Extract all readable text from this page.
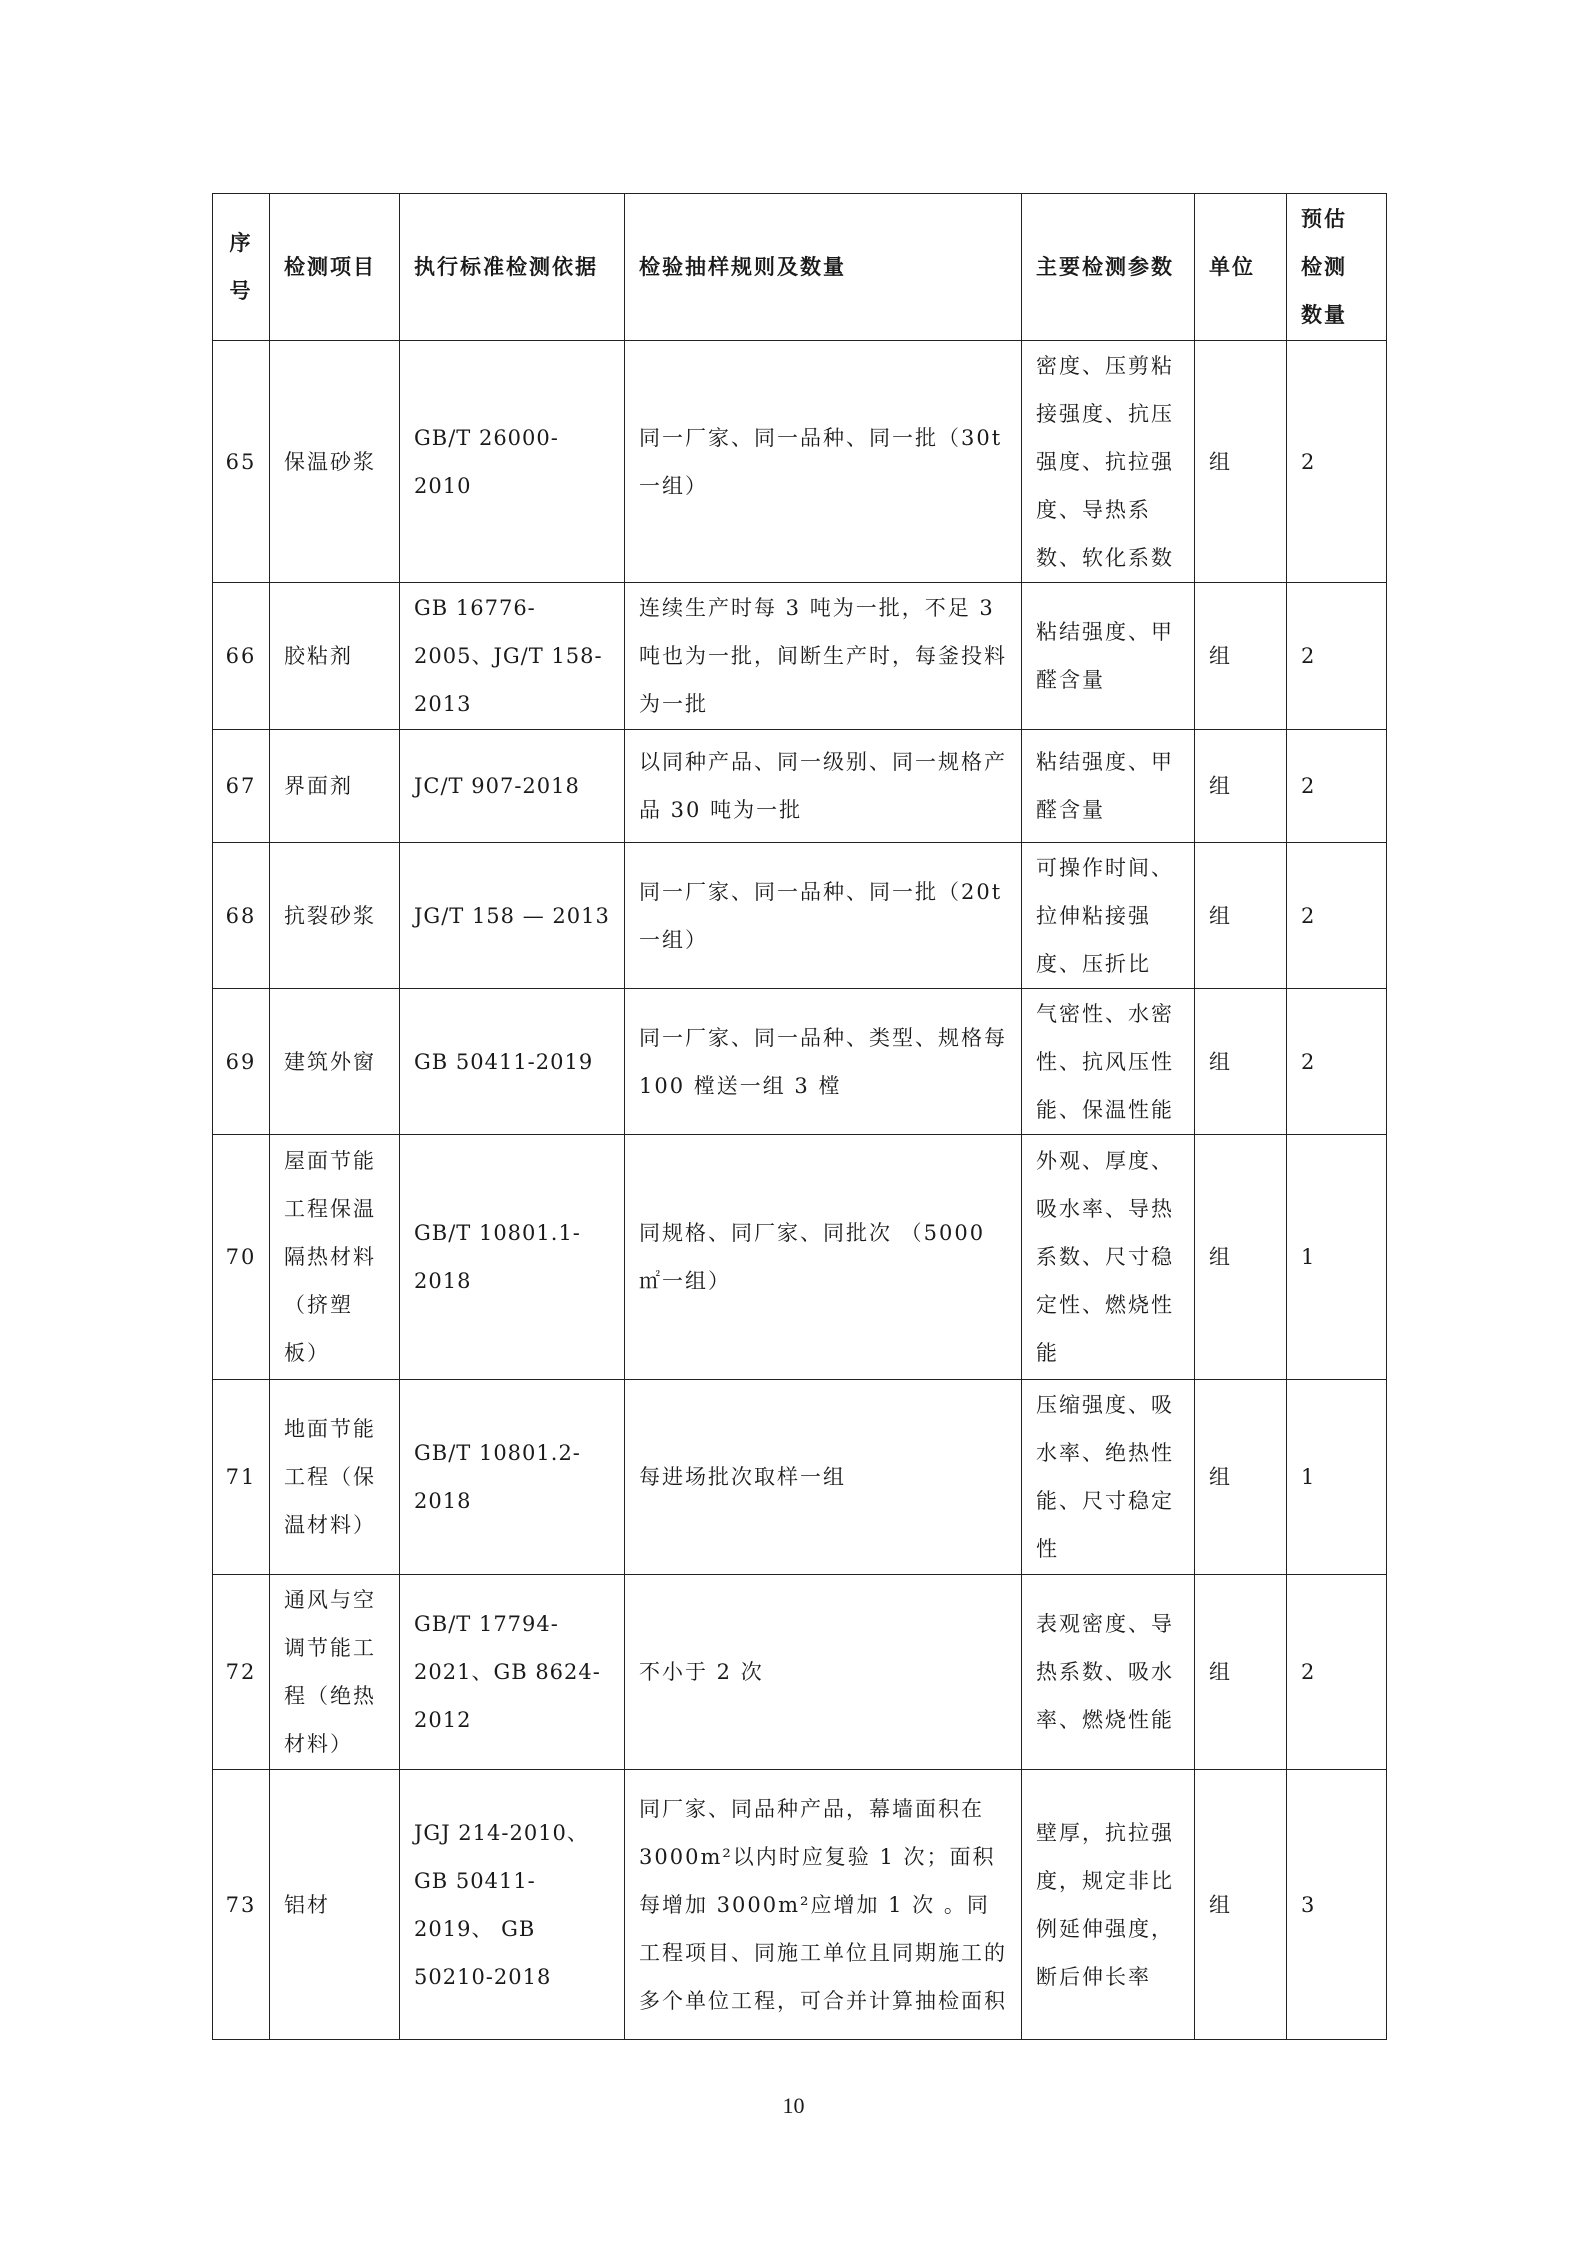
序
号	检测项目	执行标准检测依据	检验抽样规则及数量	主要检测参数	单位	预估
检测
数量

65	保温砂浆	GB/T 26000-2010	同一厂家、同一品种、同一批（30t一组）	密度、压剪粘接强度、抗压强度、抗拉强度、导热系数、软化系数	组	2
66	胶粘剂	GB 16776-2005、JG/T 158-2013	连续生产时每 3 吨为一批，不足 3 吨也为一批，间断生产时，每釜投料为一批	粘结强度、甲醛含量	组	2
67	界面剂	JC/T 907-2018	以同种产品、同一级别、同一规格产品 30 吨为一批	粘结强度、甲醛含量	组	2
68	抗裂砂浆	JG/T 158 — 2013	同一厂家、同一品种、同一批（20t一组）	可操作时间、拉伸粘接强度、压折比	组	2
69	建筑外窗	GB 50411-2019	同一厂家、同一品种、类型、规格每 100 樘送一组 3 樘	气密性、水密性、抗风压性能、保温性能	组	2
70	屋面节能工程保温隔热材料（挤塑板）	GB/T 10801.1-2018	同规格、同厂家、同批次 （5000㎡一组）	外观、厚度、吸水率、导热系数、尺寸稳定性、燃烧性能	组	1
71	地面节能工程（保温材料）	GB/T 10801.2-2018	每进场批次取样一组	压缩强度、吸水率、绝热性能、尺寸稳定性	组	1
72	通风与空调节能工程（绝热材料）	GB/T 17794-2021、GB 8624-2012	不小于 2 次	表观密度、导热系数、吸水率、燃烧性能	组	2
73	铝材	JGJ 214-2010、GB 50411-2019、 GB 50210-2018	同厂家、同品种产品，幕墙面积在 3000m²以内时应复验 1 次；面积每增加 3000m²应增加 1 次 。同工程项目、同施工单位且同期施工的多个单位工程，可合并计算抽检面积	壁厚，抗拉强度，规定非比例延伸强度，断后伸长率	组	3
10
